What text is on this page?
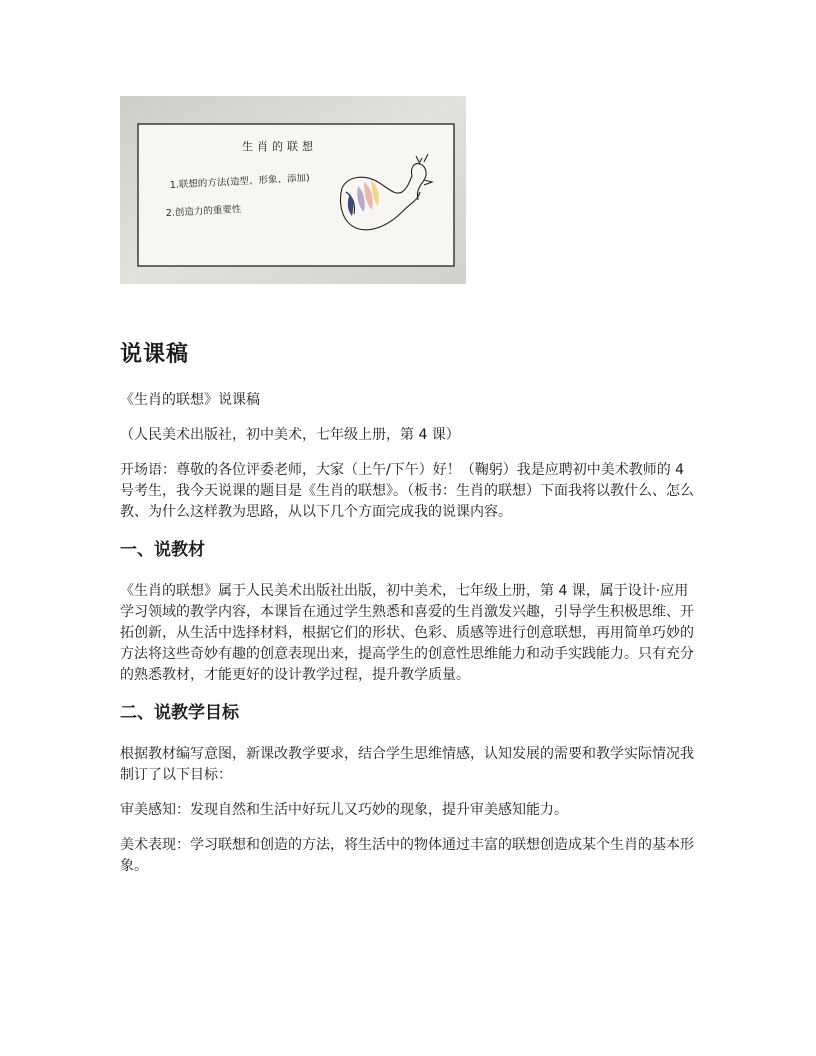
生肖的联想
1.联想的方法(造型、形象、添加)
2.创造力的重要性
说课稿

《生肖的联想》说课稿

（人民美术出版社，初中美术，七年级上册，第 4 课）

开场语：尊敬的各位评委老师，大家（上午/下午）好！（鞠躬）我是应聘初中美术教师的 4 号考生，我今天说课的题目是《生肖的联想》。（板书：生肖的联想）下面我将以教什么、怎么教、为什么这样教为思路，从以下几个方面完成我的说课内容。

一、说教材

《生肖的联想》属于人民美术出版社出版，初中美术，七年级上册，第 4 课，属于设计·应用学习领域的教学内容，本课旨在通过学生熟悉和喜爱的生肖激发兴趣，引导学生积极思维、开拓创新，从生活中选择材料，根据它们的形状、色彩、质感等进行创意联想，再用简单巧妙的方法将这些奇妙有趣的创意表现出来，提高学生的创意性思维能力和动手实践能力。只有充分的熟悉教材，才能更好的设计教学过程，提升教学质量。

二、说教学目标

根据教材编写意图，新课改教学要求，结合学生思维情感，认知发展的需要和教学实际情况我制订了以下目标：

审美感知：发现自然和生活中好玩儿又巧妙的现象，提升审美感知能力。

美术表现：学习联想和创造的方法，将生活中的物体通过丰富的联想创造成某个生肖的基本形象。
